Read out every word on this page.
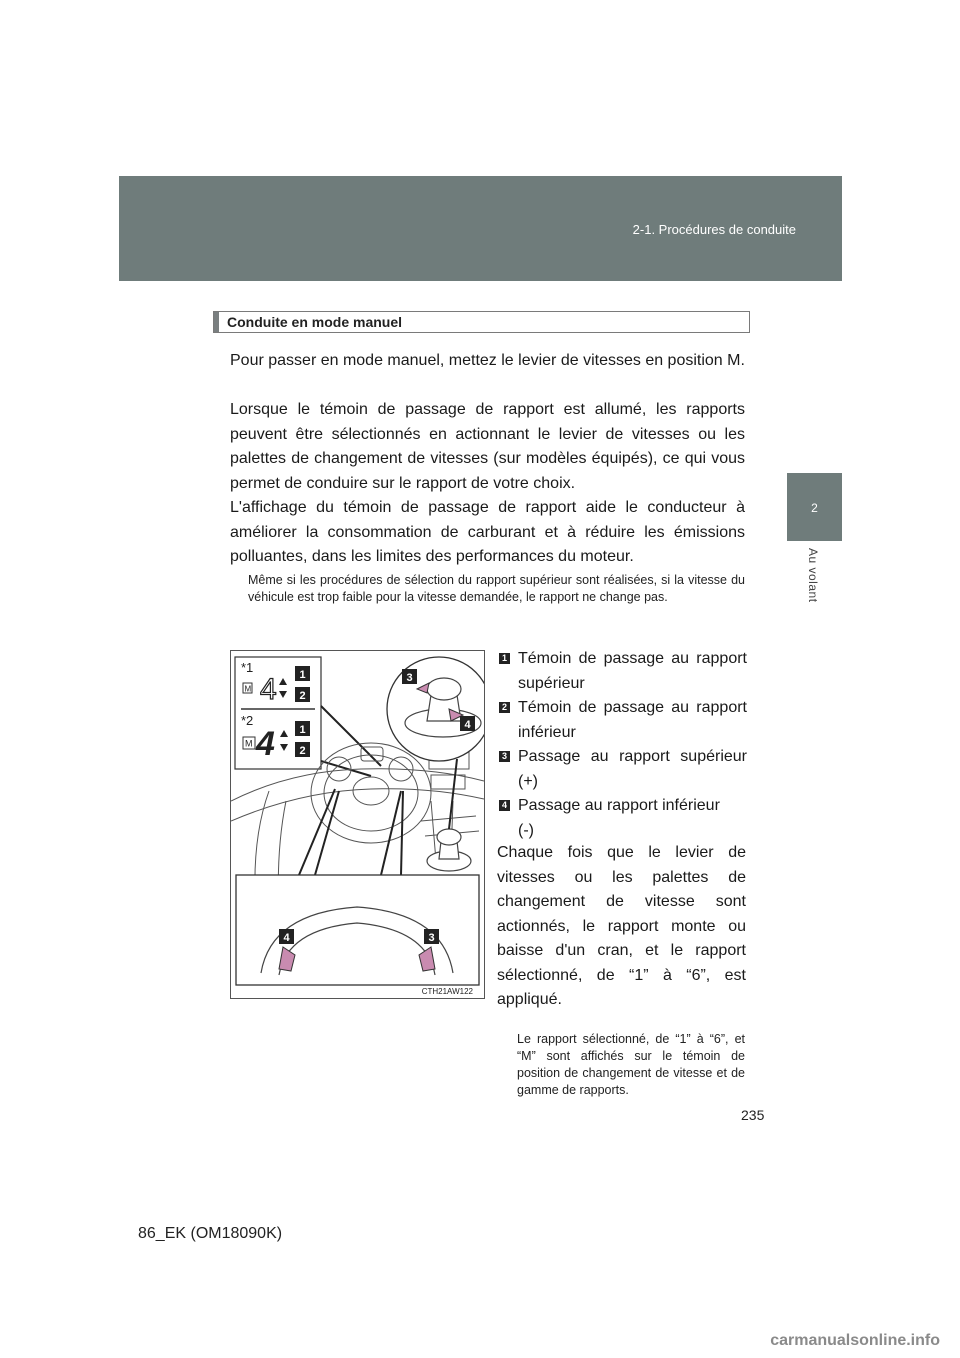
2-1. Procédures de conduite
2
Au volant
Conduite en mode manuel

Pour passer en mode manuel, mettez le levier de vitesses en position M.

Lorsque le témoin de passage de rapport est allumé, les rapports peuvent être sélectionnés en actionnant le levier de vitesses ou les palettes de changement de vitesses (sur modèles équipés), ce qui vous permet de conduire sur le rapport de votre choix.

L'affichage du témoin de passage de rapport aide le conducteur à améliorer la consommation de carburant et à réduire les émissions polluantes, dans les limites des performances du moteur.

Même si les procédures de sélection du rapport supérieur sont réalisées, si la vitesse du véhicule est trop faible pour la vitesse demandée, le rapport ne change pas.

*1
*2
M 4 1
2
M 4 1
2
3
4
4	3
CTH21AW122
1 Témoin de passage au rapport
supérieur
2 Témoin de passage au rapport
inférieur
3 Passage au rapport supérieur
(+)
4 Passage au rapport inférieur
(-)

Chaque fois que le levier de vitesses ou les palettes de changement de vitesse sont actionnés, le rapport monte ou baisse d'un cran, et le rapport sélectionné, de “1” à “6”, est appliqué.

Le rapport sélectionné, de “1” à “6”, et “M” sont affichés sur le témoin de position de changement de vitesse et de gamme de rapports.

235
86_EK (OM18090K)
carmanualsonline.info
